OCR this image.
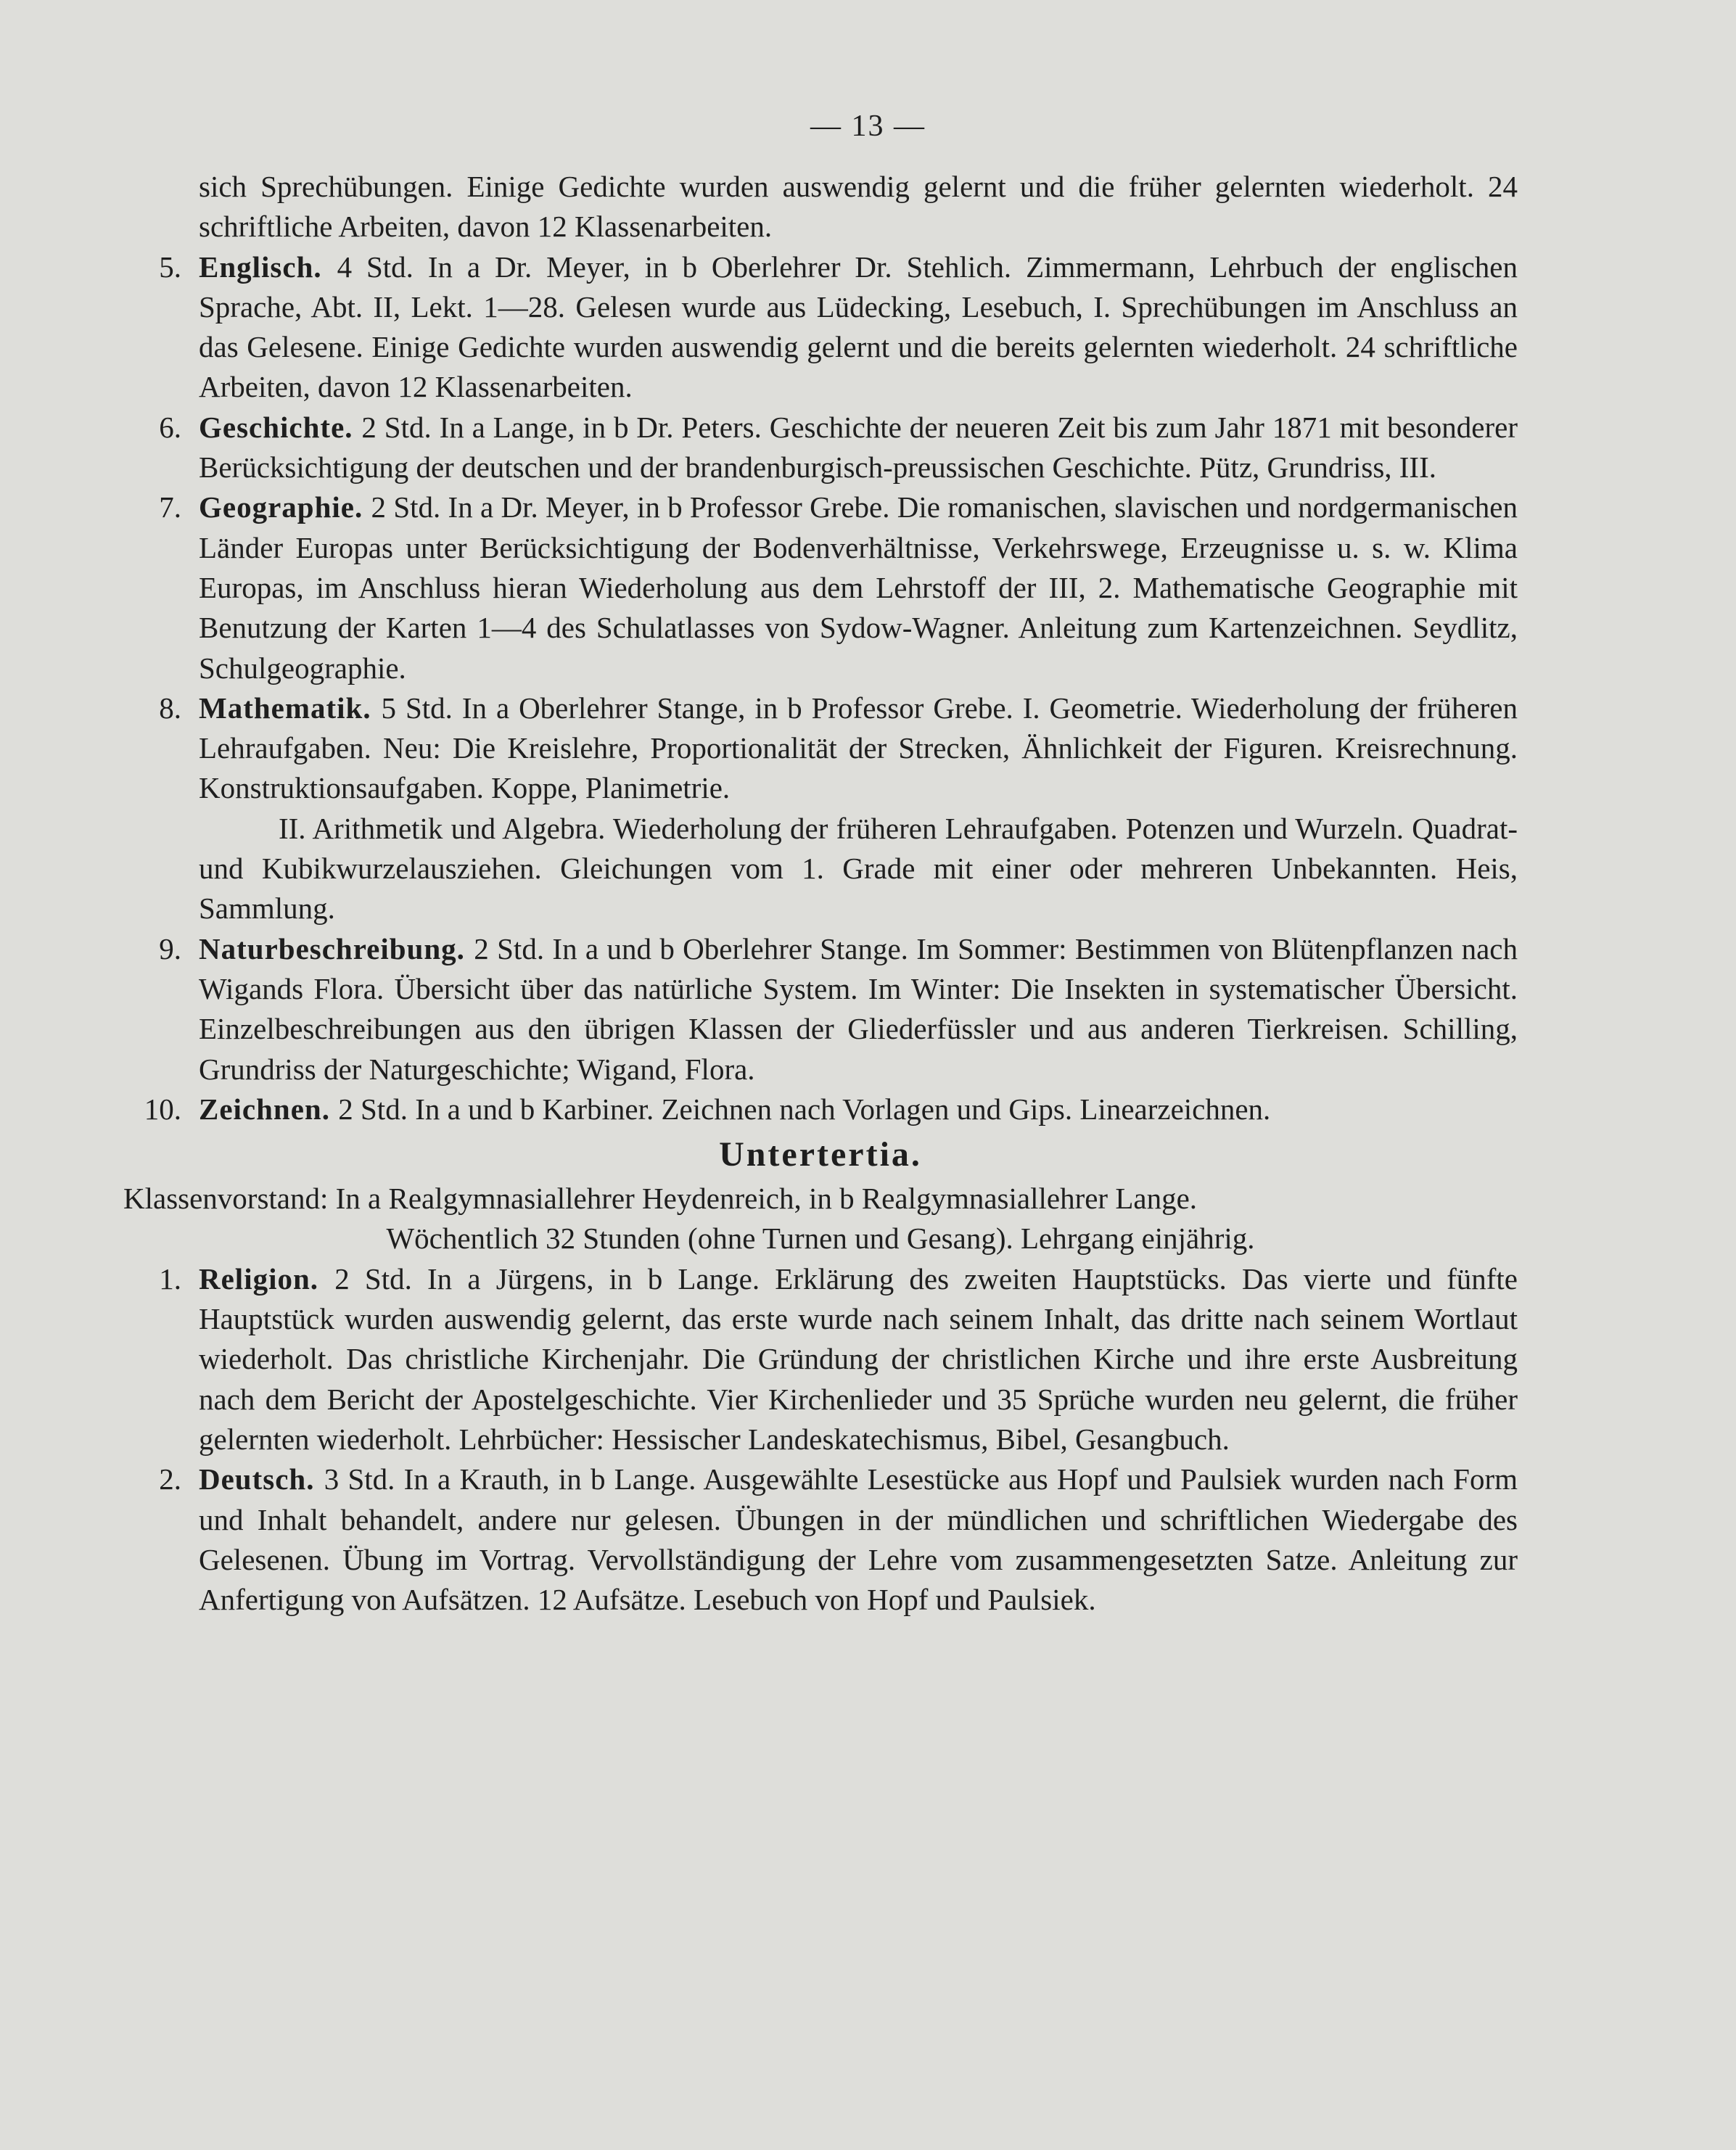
— 13 —

sich Sprechübungen. Einige Gedichte wurden auswendig gelernt und die früher gelernten wiederholt. 24 schriftliche Arbeiten, davon 12 Klassenarbeiten.

5. Englisch. 4 Std. In a Dr. Meyer, in b Oberlehrer Dr. Stehlich. Zimmermann, Lehrbuch der englischen Sprache, Abt. II, Lekt. 1—28. Gelesen wurde aus Lüdecking, Lesebuch, I. Sprechübungen im Anschluss an das Gelesene. Einige Gedichte wurden auswendig gelernt und die bereits gelernten wiederholt. 24 schriftliche Arbeiten, davon 12 Klassenarbeiten.
6. Geschichte. 2 Std. In a Lange, in b Dr. Peters. Geschichte der neueren Zeit bis zum Jahr 1871 mit besonderer Berücksichtigung der deutschen und der brandenburgisch-preussischen Geschichte. Pütz, Grundriss, III.
7. Geographie. 2 Std. In a Dr. Meyer, in b Professor Grebe. Die romanischen, slavischen und nordgermanischen Länder Europas unter Berücksichtigung der Bodenverhältnisse, Verkehrswege, Erzeugnisse u. s. w. Klima Europas, im Anschluss hieran Wiederholung aus dem Lehrstoff der III, 2. Mathematische Geographie mit Benutzung der Karten 1—4 des Schulatlasses von Sydow-Wagner. Anleitung zum Kartenzeichnen. Seydlitz, Schulgeographie.
8. Mathematik. 5 Std. In a Oberlehrer Stange, in b Professor Grebe. I. Geometrie. Wiederholung der früheren Lehraufgaben. Neu: Die Kreislehre, Proportionalität der Strecken, Ähnlichkeit der Figuren. Kreisrechnung. Konstruktionsaufgaben. Koppe, Planimetrie.

II. Arithmetik und Algebra. Wiederholung der früheren Lehraufgaben. Potenzen und Wurzeln. Quadrat- und Kubikwurzelausziehen. Gleichungen vom 1. Grade mit einer oder mehreren Unbekannten. Heis, Sammlung.

9. Naturbeschreibung. 2 Std. In a und b Oberlehrer Stange. Im Sommer: Bestimmen von Blütenpflanzen nach Wigands Flora. Übersicht über das natürliche System. Im Winter: Die Insekten in systematischer Übersicht. Einzelbeschreibungen aus den übrigen Klassen der Gliederfüssler und aus anderen Tierkreisen. Schilling, Grundriss der Naturgeschichte; Wigand, Flora.
10. Zeichnen. 2 Std. In a und b Karbiner. Zeichnen nach Vorlagen und Gips. Linearzeichnen.
Untertertia.

Klassenvorstand: In a Realgymnasiallehrer Heydenreich, in b Realgymnasiallehrer Lange.

Wöchentlich 32 Stunden (ohne Turnen und Gesang). Lehrgang einjährig.

1. Religion. 2 Std. In a Jürgens, in b Lange. Erklärung des zweiten Hauptstücks. Das vierte und fünfte Hauptstück wurden auswendig gelernt, das erste wurde nach seinem Inhalt, das dritte nach seinem Wortlaut wiederholt. Das christliche Kirchenjahr. Die Gründung der christlichen Kirche und ihre erste Ausbreitung nach dem Bericht der Apostelgeschichte. Vier Kirchenlieder und 35 Sprüche wurden neu gelernt, die früher gelernten wiederholt. Lehrbücher: Hessischer Landeskatechismus, Bibel, Gesangbuch.
2. Deutsch. 3 Std. In a Krauth, in b Lange. Ausgewählte Lesestücke aus Hopf und Paulsiek wurden nach Form und Inhalt behandelt, andere nur gelesen. Übungen in der mündlichen und schriftlichen Wiedergabe des Gelesenen. Übung im Vortrag. Vervollständigung der Lehre vom zusammengesetzten Satze. Anleitung zur Anfertigung von Aufsätzen. 12 Aufsätze. Lesebuch von Hopf und Paulsiek.
